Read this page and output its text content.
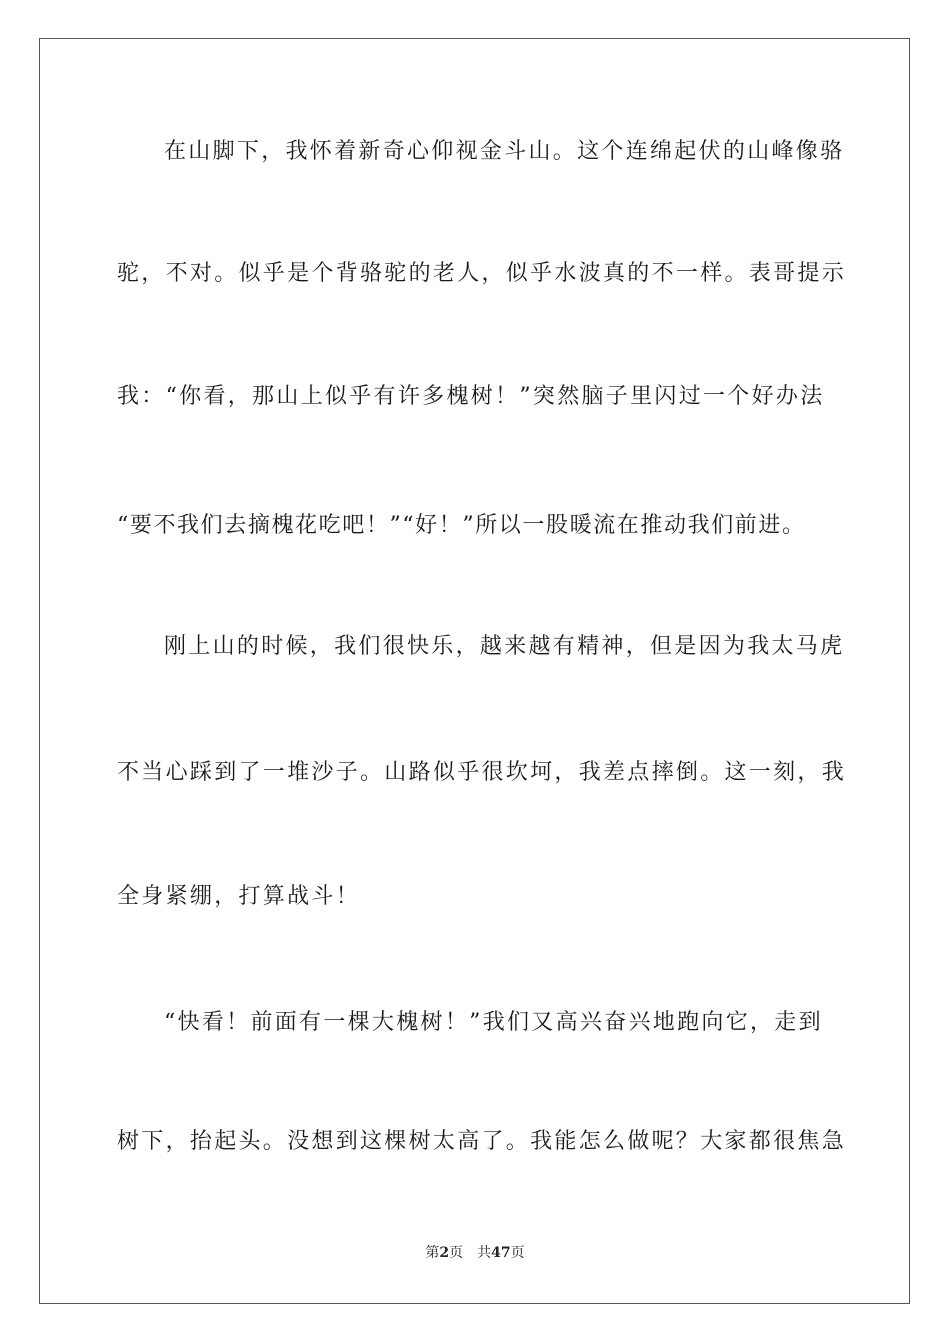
在山脚下，我怀着新奇心仰视金斗山。这个连绵起伏的山峰像骆
驼，不对。似乎是个背骆驼的老人，似乎水波真的不一样。表哥提示
我：“你看，那山上似乎有许多槐树！”突然脑子里闪过一个好办法
“要不我们去摘槐花吃吧！”“好！”所以一股暖流在推动我们前进。
刚上山的时候，我们很快乐，越来越有精神，但是因为我太马虎
不当心踩到了一堆沙子。山路似乎很坎坷，我差点摔倒。这一刻，我
全身紧绷，打算战斗！
“快看！前面有一棵大槐树！”我们又高兴奋兴地跑向它，走到
树下，抬起头。没想到这棵树太高了。我能怎么做呢？大家都很焦急
第2页 共47页
